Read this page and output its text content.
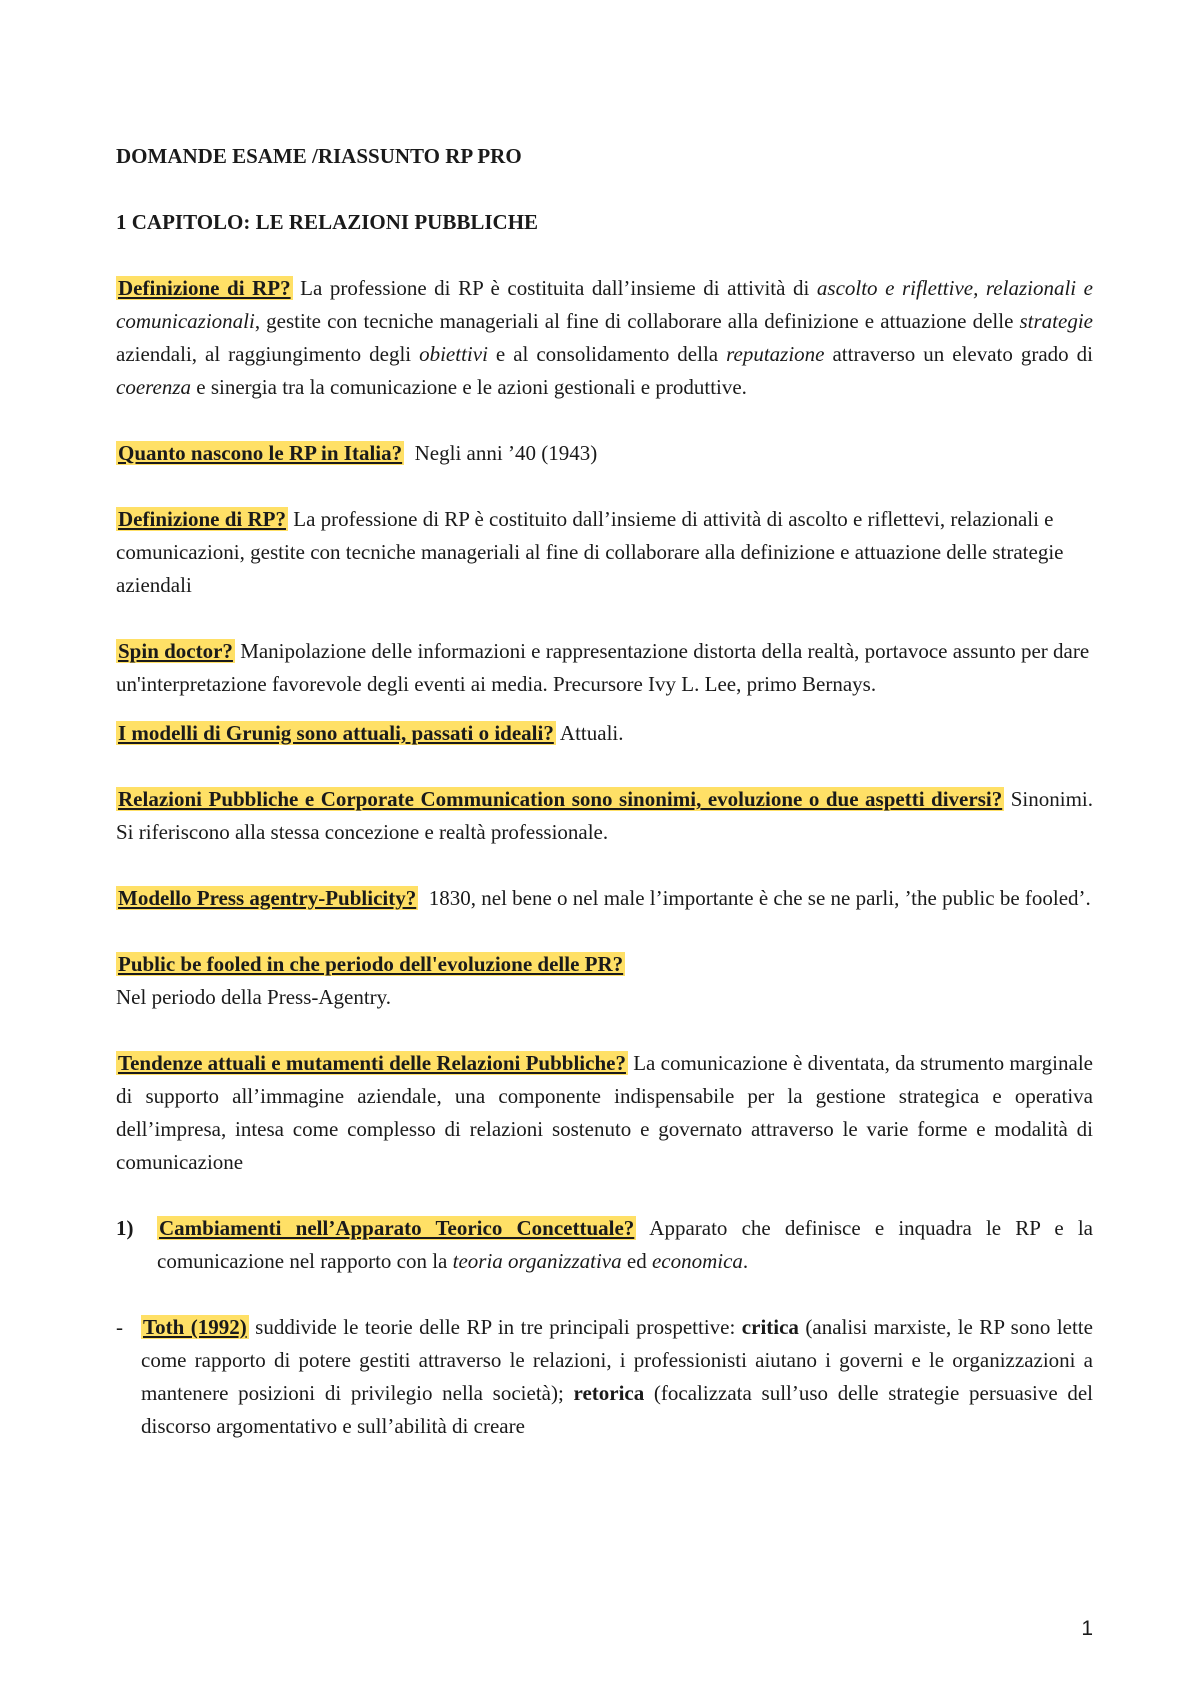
DOMANDE ESAME /RIASSUNTO RP PRO

1 CAPITOLO: LE RELAZIONI PUBBLICHE

Definizione di RP? La professione di RP è costituita dall’insieme di attività di ascolto e riflettive, relazionali e comunicazionali, gestite con tecniche manageriali al fine di collaborare alla definizione e attuazione delle strategie aziendali, al raggiungimento degli obiettivi e al consolidamento della reputazione attraverso un elevato grado di coerenza e sinergia tra la comunicazione e le azioni gestionali e produttive.

Quanto nascono le RP in Italia?  Negli anni ’40 (1943)

Definizione di RP? La professione di RP è costituito dall’insieme di attività di ascolto e riflettevi, relazionali e comunicazioni, gestite con tecniche manageriali al fine di collaborare alla definizione e attuazione delle strategie aziendali

Spin doctor? Manipolazione delle informazioni e rappresentazione distorta della realtà, portavoce assunto per dare un'interpretazione favorevole degli eventi ai media. Precursore Ivy L. Lee, primo Bernays.

I modelli di Grunig sono attuali, passati o ideali? Attuali.

Relazioni Pubbliche e Corporate Communication sono sinonimi, evoluzione o due aspetti diversi? Sinonimi. Si riferiscono alla stessa concezione e realtà professionale.

Modello Press agentry-Publicity?  1830, nel bene o nel male l’importante è che se ne parli, ’the public be fooled’.

Public be fooled in che periodo dell'evoluzione delle PR?
Nel periodo della Press-Agentry.

Tendenze attuali e mutamenti delle Relazioni Pubbliche? La comunicazione è diventata, da strumento marginale di supporto all’immagine aziendale, una componente indispensabile per la gestione strategica e operativa dell’impresa, intesa come complesso di relazioni sostenuto e governato attraverso le varie forme e modalità di comunicazione

1) Cambiamenti nell’Apparato Teorico Concettuale? Apparato che definisce e inquadra le RP e la comunicazione nel rapporto con la teoria organizzativa ed economica.
- Toth (1992) suddivide le teorie delle RP in tre principali prospettive: critica (analisi marxiste, le RP sono lette come rapporto di potere gestiti attraverso le relazioni, i professionisti aiutano i governi e le organizzazioni a mantenere posizioni di privilegio nella società); retorica (focalizzata sull’uso delle strategie persuasive del discorso argomentativo e sull’abilità di creare
1
